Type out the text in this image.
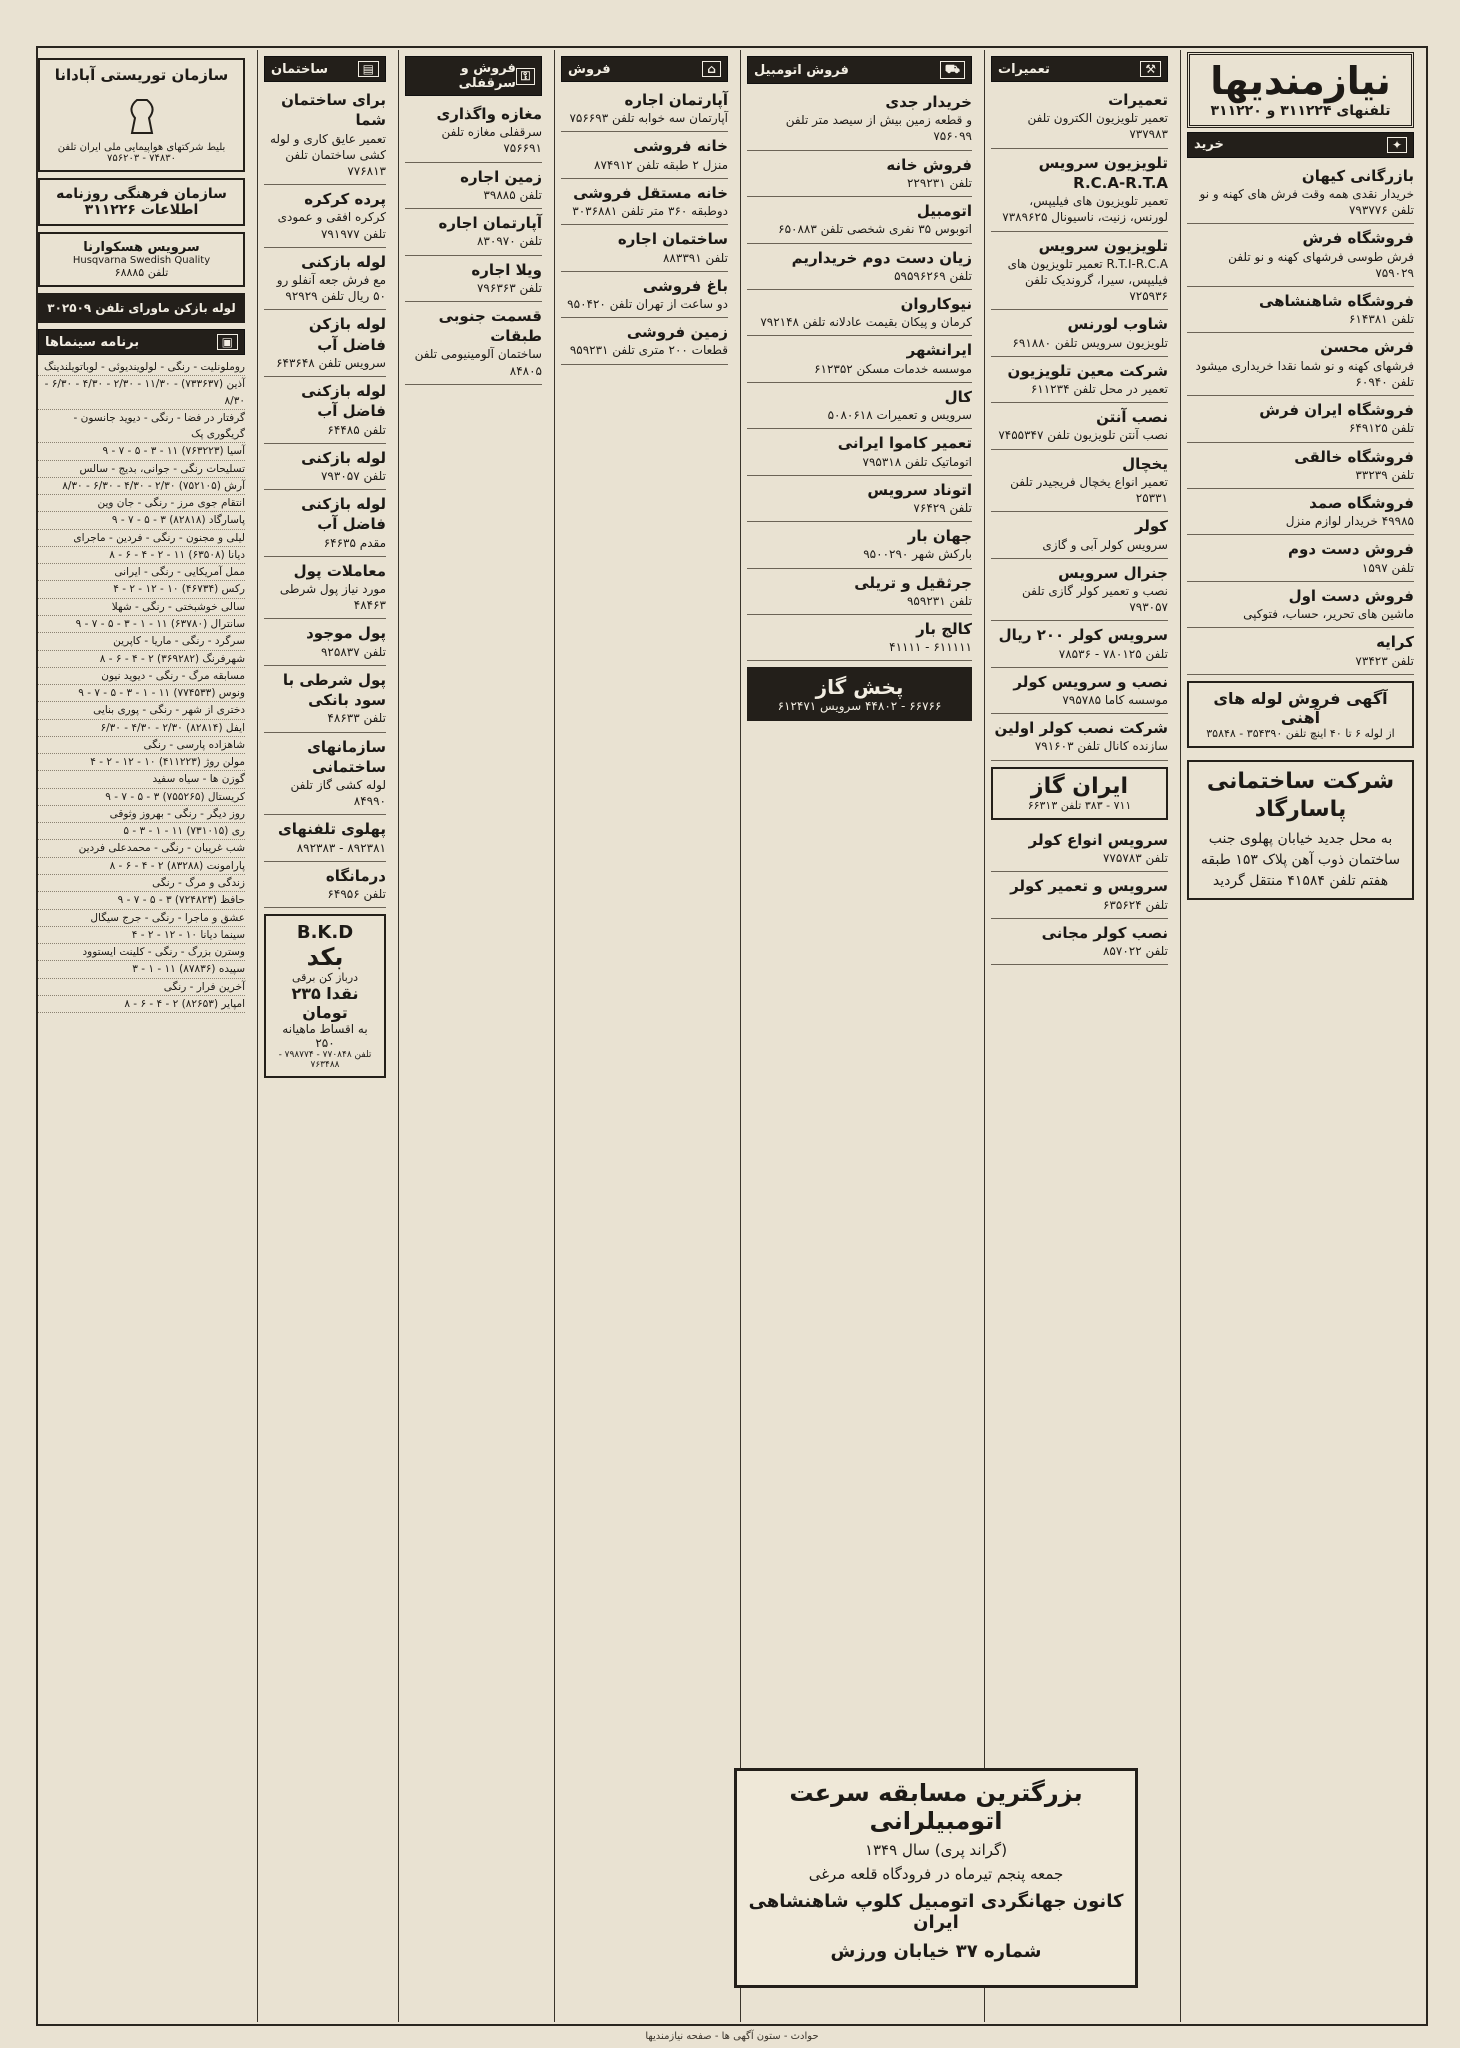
نیازمندیها
تلفنهای ۳۱۱۲۲۴ و ۳۱۱۲۲۰
✦
خرید
بازرگانی کیهان
خریدار نقدی همه وقت فرش های کهنه و نو تلفن ۷۹۳۷۷۶
فروشگاه فرش
فرش طوسی فرشهای کهنه و نو تلفن ۷۵۹۰۲۹
فروشگاه شاهنشاهی
تلفن ۶۱۴۳۸۱
فرش محسن
فرشهای کهنه و نو شما نقدا خریداری میشود تلفن ۶۰۹۴۰
فروشگاه ایران فرش
تلفن ۶۴۹۱۲۵
فروشگاه خالقی
تلفن ۳۳۲۳۹
فروشگاه صمد
۴۹۹۸۵ خریدار لوازم منزل
فروش دست دوم
تلفن ۱۵۹۷
فروش دست اول
ماشین های تحریر، حساب، فتوکپی
کرایه
تلفن ۷۳۴۲۳
آگهی فروش لوله های آهنی
از لوله ۶ تا ۴۰ اینچ تلفن ۳۵۴۳۹۰ - ۳۵۸۴۸
شرکت ساختمانی پاسارگاد
به محل جدید خیابان پهلوی جنب ساختمان ذوب آهن پلاک ۱۵۳ طبقه هفتم تلفن ۴۱۵۸۴ منتقل گردید
⚒
تعمیرات
تعمیرات
تعمیر تلویزیون الکترون تلفن ۷۳۷۹۸۳
تلویزیون سرویس R.C.A-R.T.A
تعمیر تلویزیون های فیلیپس، لورنس، زنیت، ناسیونال ۷۳۸۹۶۲۵
تلویزیون سرویس
R.T.I-R.C.A تعمیر تلویزیون های فیلیپس، سیرا، گروندیک تلفن ۷۲۵۹۳۶
شاوب لورنس
تلویزیون سرویس تلفن ۶۹۱۸۸۰
شرکت معین تلویزیون
تعمیر در محل تلفن ۶۱۱۲۳۴
نصب آنتن
نصب آنتن تلویزیون تلفن ۷۴۵۵۳۴۷
یخچال
تعمیر انواع یخچال فریجیدر تلفن ۲۵۳۳۱
کولر
سرویس کولر آبی و گازی
جنرال سرویس
نصب و تعمیر کولر گازی تلفن ۷۹۳۰۵۷
سرویس کولر ۲۰۰ ریال
تلفن ۷۸۰۱۲۵ - ۷۸۵۳۶
نصب و سرویس کولر
موسسه کاما ۷۹۵۷۸۵
شرکت نصب کولر اولین
سازنده کانال تلفن ۷۹۱۶۰۳
ایران گاز
۷۱۱ - ۳۸۳ تلفن ۶۶۳۱۳
سرویس انواع کولر
تلفن ۷۷۵۷۸۳
سرویس و تعمیر کولر
تلفن ۶۳۵۶۲۴
نصب کولر مجانی
تلفن ۸۵۷۰۲۲
⛟
فروش اتومبیل
خریدار جدی
و قطعه زمین بیش از سیصد متر تلفن ۷۵۶۰۹۹
فروش خانه
تلفن ۲۲۹۲۳۱
اتومبیل
اتوبوس ۳۵ نفری شخصی تلفن ۶۵۰۸۸۳
زیان دست دوم خریداریم
تلفن ۵۹۵۹۶۲۶۹
نیوکاروان
کرمان و پیکان بقیمت عادلانه تلفن ۷۹۲۱۴۸
ایرانشهر
موسسه خدمات مسکن ۶۱۲۳۵۲
کال
سرویس و تعمیرات ۵۰۸۰۶۱۸
تعمیر کاموا ایرانی
اتوماتیک تلفن ۷۹۵۳۱۸
اتوناد سرویس
تلفن ۷۶۴۲۹
جهان بار
بارکش شهر ۹۵۰۰۲۹۰
جرثقیل و تریلی
تلفن ۹۵۹۲۳۱
کالج بار
۶۱۱۱۱۱ - ۴۱۱۱۱
پخش گاز
۶۶۷۶۶ - ۴۴۸۰۲ سرویس ۶۱۲۴۷۱
⌂
فروش
آپارتمان اجاره
آپارتمان سه خوابه تلفن ۷۵۶۶۹۳
خانه فروشی
منزل ۲ طبقه تلفن ۸۷۴۹۱۲
خانه مستقل فروشی
دوطبقه ۳۶۰ متر تلفن ۳۰۳۶۸۸۱
ساختمان اجاره
تلفن ۸۸۳۳۹۱
باغ فروشی
دو ساعت از تهران تلفن ۹۵۰۴۲۰
زمین فروشی
قطعات ۲۰۰ متری تلفن ۹۵۹۲۳۱
⚿
فروش و سرقفلی
مغازه واگذاری
سرقفلی مغازه تلفن ۷۵۶۶۹۱
زمین اجاره
تلفن ۳۹۸۸۵
آپارتمان اجاره
تلفن ۸۳۰۹۷۰
ویلا اجاره
تلفن ۷۹۶۳۶۳
قسمت جنوبی طبقات
ساختمان آلومینیومی تلفن ۸۴۸۰۵
▤
ساختمان
برای ساختمان شما
تعمیر عایق کاری و لوله کشی ساختمان تلفن ۷۷۶۸۱۳
پرده کرکره
کرکره افقی و عمودی تلفن ۷۹۱۹۷۷
لوله بازکنی
مع فرش جعه آنفلو رو ۵۰ ریال تلفن ۹۲۹۲۹
لوله بازکن فاضل آب
سرویس تلفن ۶۴۳۶۴۸
لوله بازکنی فاضل آب
تلفن ۶۴۴۸۵
لوله بازکنی
تلفن ۷۹۳۰۵۷
لوله بازکنی فاضل آب
مقدم ۶۴۶۳۵
معاملات پول
مورد نیاز پول شرطی ۴۸۴۶۳
پول موجود
تلفن ۹۲۵۸۳۷
پول شرطی با سود بانکی
تلفن ۴۸۶۳۳
سازمانهای ساختمانی
لوله کشی گاز تلفن ۸۴۹۹۰
پهلوی تلفنهای
۸۹۲۳۸۱ - ۸۹۲۳۸۳
درمانگاه
تلفن ۶۴۹۵۶
B.K.D
بکد
درباز کن برقی
نقدا ۲۳۵ تومان
به اقساط ماهیانه ۲۵۰
تلفن ۷۷۰۸۴۸ - ۷۹۸۷۷۴ - ۷۶۳۴۸۸
سازمان توریستی آبادانا
بلیط شرکتهای هواپیمایی ملی ایران تلفن ۷۴۸۳۰ - ۷۵۶۲۰۳
سازمان فرهنگی روزنامه اطلاعات ۳۱۱۲۲۶
سرویس هسکوارنا
Husqvarna Swedish Quality
تلفن ۶۸۸۸۵
لوله بازکن ماورای تلفن ۳۰۲۵۰۹
▣
برنامه سینماها
روملونلیت - رنگی - لولویندیوئی - لوباتویلندینگ
آذین (۷۳۳۶۳۷) - ۱۱/۳۰ - ۲/۳۰ - ۴/۳۰ - ۶/۳۰ - ۸/۳۰
گرفتار در فضا - رنگی - دیوید جانسون - گریگوری پک
آسیا (۷۶۳۲۲۳) ۱۱ - ۳ - ۵ - ۷ - ۹
تسلیحات رنگی - جوانی، بدیج - سالس
آرش (۷۵۲۱۰۵) ۲/۳۰ - ۴/۳۰ - ۶/۳۰ - ۸/۳۰
انتقام جوی مرز - رنگی - جان وین
پاسارگاد (۸۲۸۱۸) ۳ - ۵ - ۷ - ۹
لیلی و مجنون - رنگی - فردین - ماجرای
دیانا (۶۳۵۰۸) ۱۱ - ۲ - ۴ - ۶ - ۸
ممل آمریکایی - رنگی - ایرانی
رکس (۴۶۷۳۴) ۱۰ - ۱۲ - ۲ - ۴
سالی خوشبختی - رنگی - شهلا
سانترال (۶۳۷۸۰) ۱۱ - ۱ - ۳ - ۵ - ۷ - ۹
سرگرد - رنگی - ماریا - کاپرین
شهرفرنگ (۳۶۹۲۸۲) ۲ - ۴ - ۶ - ۸
مسابقه مرگ - رنگی - دیوید نیون
ونوس (۷۷۴۵۳۳) ۱۱ - ۱ - ۳ - ۵ - ۷ - ۹
دختری از شهر - رنگی - پوری بنایی
ایفل (۸۲۸۱۴) ۲/۳۰ - ۴/۳۰ - ۶/۳۰
شاهزاده پارسی - رنگی
مولن روژ (۴۱۱۲۲۳) ۱۰ - ۱۲ - ۲ - ۴
گوزن ها - سیاه سفید
کریستال (۷۵۵۲۶۵) ۳ - ۵ - ۷ - ۹
روز دیگر - رنگی - بهروز وثوقی
ری (۷۳۱۰۱۵) ۱۱ - ۱ - ۳ - ۵
شب غریبان - رنگی - محمدعلی فردین
پارامونت (۸۳۲۸۸) ۲ - ۴ - ۶ - ۸
زندگی و مرگ - رنگی
حافظ (۷۲۴۸۲۳) ۳ - ۵ - ۷ - ۹
عشق و ماجرا - رنگی - جرج سیگال
سینما دیانا ۱۰ - ۱۲ - ۲ - ۴
وسترن بزرگ - رنگی - کلینت ایستوود
سپیده (۸۷۸۳۶) ۱۱ - ۱ - ۳
آخرین فرار - رنگی
امپایر (۸۲۶۵۳) ۲ - ۴ - ۶ - ۸
بزرگترین مسابقه سرعت اتومبیلرانی
(گراند پری) سال ۱۳۴۹
جمعه پنجم تیرماه در فرودگاه قلعه مرغی
کانون جهانگردی اتومبیل کلوپ شاهنشاهی ایران
شماره ۳۷ خیابان ورزش
حوادث - ستون آگهی ها - صفحه نیازمندیها
